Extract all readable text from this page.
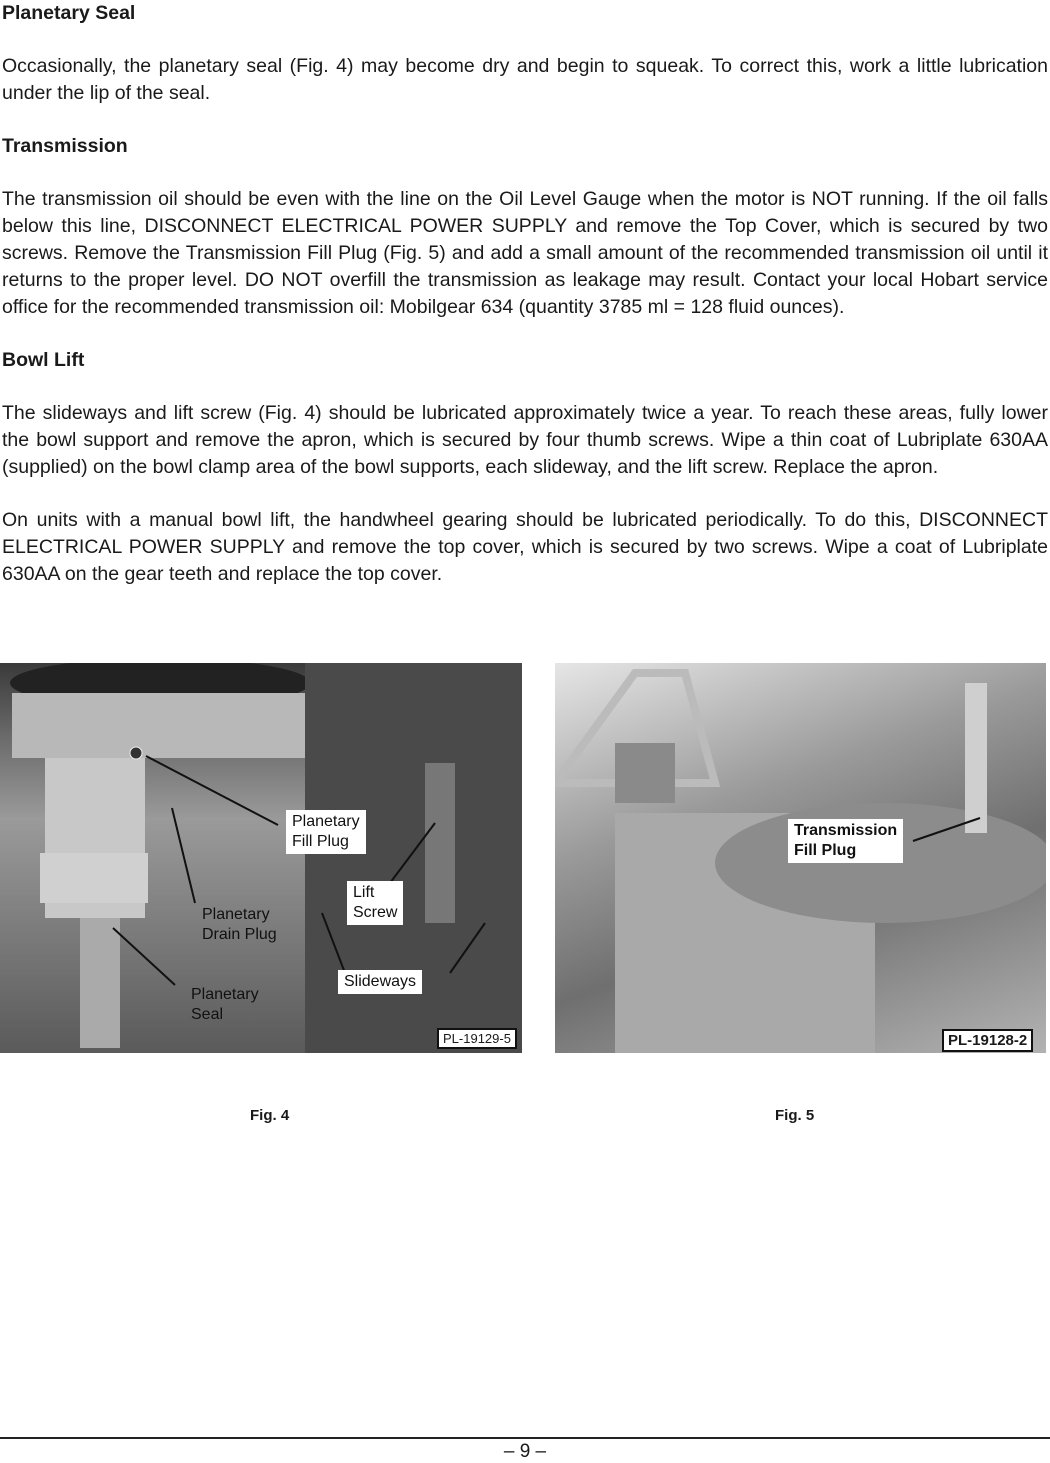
Planetary Seal

Occasionally, the planetary seal (Fig. 4) may become dry and begin to squeak. To correct this, work a little lubrication under the lip of the seal.

Transmission

The transmission oil should be even with the line on the Oil Level Gauge when the motor is NOT running. If the oil falls below this line, DISCONNECT ELECTRICAL POWER SUPPLY and remove the Top Cover, which is secured by two screws. Remove the Transmission Fill Plug (Fig. 5) and add a small amount of the recommended transmission oil until it returns to the proper level. DO NOT overfill the transmission as leakage may result. Contact your local Hobart service office for the recommended transmission oil: Mobilgear 634 (quantity 3785 ml = 128 fluid ounces).

Bowl Lift

The slideways and lift screw (Fig. 4) should be lubricated approximately twice a year. To reach these areas, fully lower the bowl support and remove the apron, which is secured by four thumb screws. Wipe a thin coat of Lubriplate 630AA (supplied) on the bowl clamp area of the bowl supports, each slideway, and the lift screw. Replace the apron.

On units with a manual bowl lift, the handwheel gearing should be lubricated periodically. To do this, DISCONNECT ELECTRICAL POWER SUPPLY and remove the top cover, which is secured by two screws. Wipe a coat of Lubriplate 630AA on the gear teeth and replace the top cover.

Planetary
Fill Plug
Planetary
Drain Plug
Planetary
Seal
Lift
Screw
Slideways
PL-19129-5
Transmission
Fill Plug
PL-19128-2
Fig. 4	Fig. 5
– 9 –
